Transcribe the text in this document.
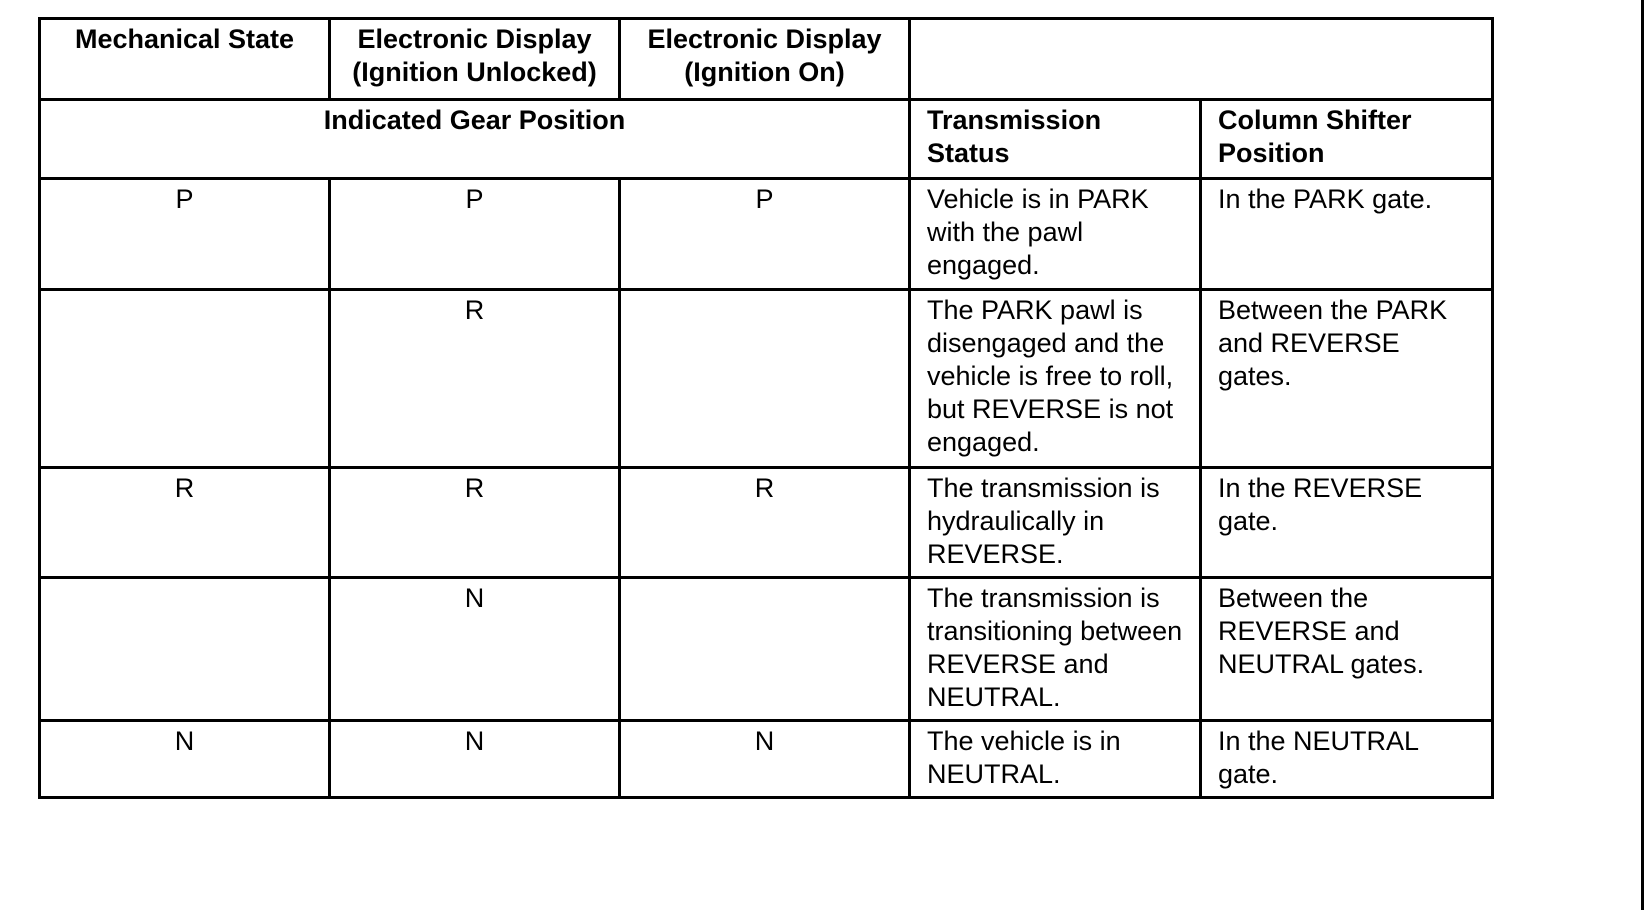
Mechanical State	Electronic Display (Ignition Unlocked)	Electronic Display (Ignition On)		
Indicated Gear Position			Transmission Status	Column Shifter Position
P	P	P	Vehicle is in PARK with the pawl engaged.	In the PARK gate.
	R		The PARK pawl is disengaged and the vehicle is free to roll, but REVERSE is not engaged.	Between the PARK and REVERSE gates.
R	R	R	The transmission is hydraulically in REVERSE.	In the REVERSE gate.
	N		The transmission is transitioning between REVERSE and NEUTRAL.	Between the REVERSE and NEUTRAL gates.
N	N	N	The vehicle is in NEUTRAL.	In the NEUTRAL gate.
